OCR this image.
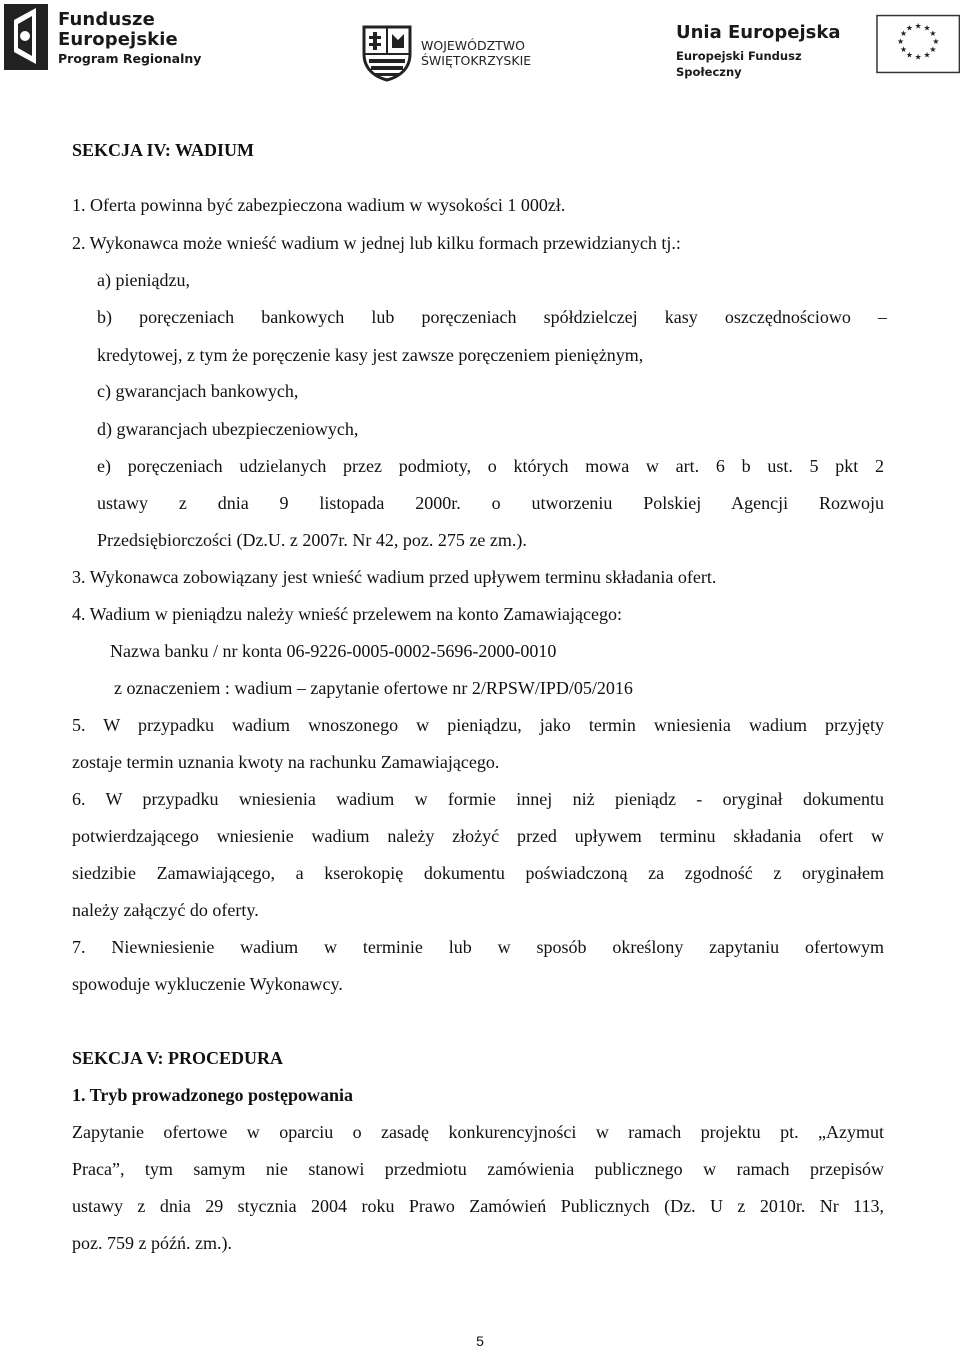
Fundusze
Europejskie
Program Regionalny
WOJEWÓDZTWO
ŚWIĘTOKRZYSKIE
Unia Europejska
Europejski Fundusz Społeczny
★ ★
★
★
★
★
★
★
★
★
★
★
SEKCJA IV: WADIUM
1. Oferta powinna być zabezpieczona wadium w wysokości 1 000zł.
2. Wykonawca może wnieść wadium w jednej lub kilku formach przewidzianych tj.:
a) pieniądzu,
b) poręczeniach bankowych lub poręczeniach spółdzielczej kasy oszczędnościowo –
kredytowej, z tym że poręczenie kasy jest zawsze poręczeniem pieniężnym,
c) gwarancjach bankowych,
d) gwarancjach ubezpieczeniowych,
e) poręczeniach udzielanych przez podmioty, o których mowa w art. 6 b ust. 5 pkt 2
ustawy z dnia 9 listopada 2000r. o utworzeniu Polskiej Agencji Rozwoju
Przedsiębiorczości (Dz.U. z 2007r. Nr 42, poz. 275 ze zm.).
3. Wykonawca zobowiązany jest wnieść wadium przed upływem terminu składania ofert.
4. Wadium w pieniądzu należy wnieść przelewem na konto Zamawiającego:
Nazwa banku / nr konta 06-9226-0005-0002-5696-2000-0010
z oznaczeniem : wadium – zapytanie ofertowe nr 2/RPSW/IPD/05/2016
5. W przypadku wadium wnoszonego w pieniądzu, jako termin wniesienia wadium przyjęty
zostaje termin uznania kwoty na rachunku Zamawiającego.
6. W przypadku wniesienia wadium w formie innej niż pieniądz - oryginał dokumentu
potwierdzającego wniesienie wadium należy złożyć przed upływem terminu składania ofert w
siedzibie Zamawiającego, a kserokopię dokumentu poświadczoną za zgodność z oryginałem
należy załączyć do oferty.
7. Niewniesienie wadium w terminie lub w sposób określony zapytaniu ofertowym
spowoduje wykluczenie Wykonawcy.
SEKCJA V: PROCEDURA
1. Tryb prowadzonego postępowania
Zapytanie ofertowe w oparciu o zasadę konkurencyjności w ramach projektu pt. „Azymut
Praca”, tym samym nie stanowi przedmiotu zamówienia publicznego w ramach przepisów
ustawy z dnia 29 stycznia 2004 roku Prawo Zamówień Publicznych (Dz. U z 2010r. Nr 113,
poz. 759 z późń. zm.).
5
